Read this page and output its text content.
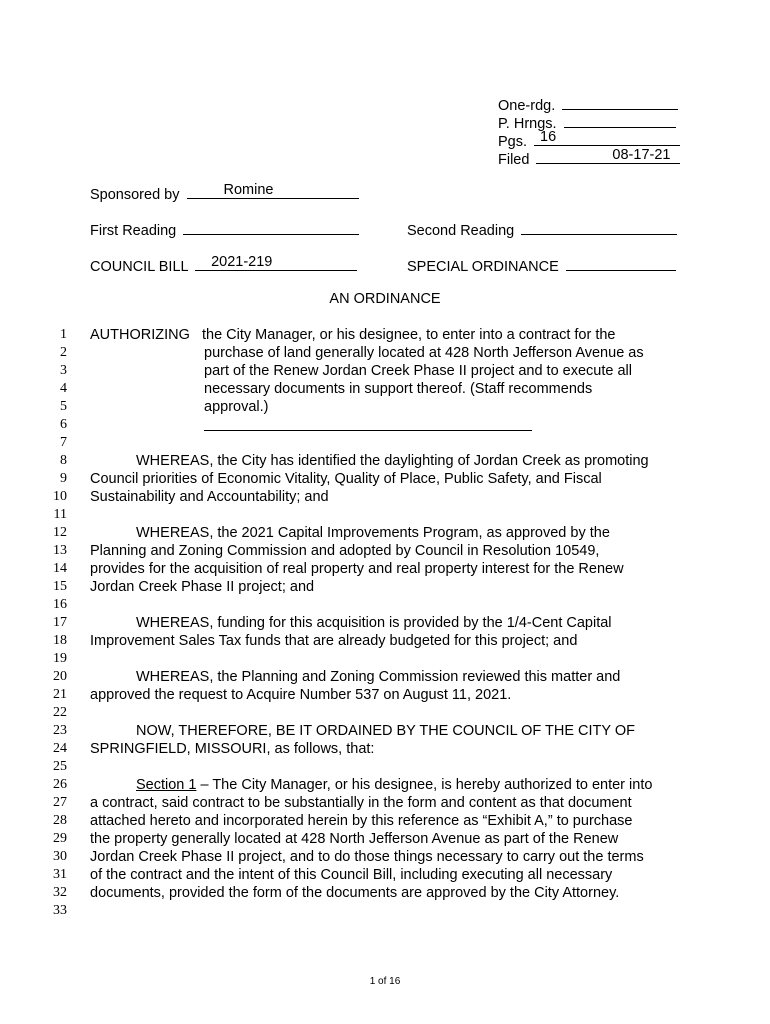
One-rdg.
P. Hrngs.
Pgs. 16
Filed	08-17-21
Sponsored by	Romine
First Reading	Second Reading
COUNCIL BILL	2021-219	SPECIAL ORDINANCE
AN ORDINANCE
1
2
3
4
5
6
7
8
9
10
11
12
13
14
15
16
17
18
19
20
21
22
23
24
25
26
27
28
29
30
31
32
33
AUTHORIZING the City Manager, or his designee, to enter into a contract for the
purchase of land generally located at 428 North Jefferson Avenue as
part of the Renew Jordan Creek Phase II project and to execute all
necessary documents in support thereof. (Staff recommends
approval.)
WHEREAS, the City has identified the daylighting of Jordan Creek as promoting
Council priorities of Economic Vitality, Quality of Place, Public Safety, and Fiscal
Sustainability and Accountability; and
WHEREAS, the 2021 Capital Improvements Program, as approved by the
Planning and Zoning Commission and adopted by Council in Resolution 10549,
provides for the acquisition of real property and real property interest for the Renew
Jordan Creek Phase II project; and
WHEREAS, funding for this acquisition is provided by the 1/4-Cent Capital
Improvement Sales Tax funds that are already budgeted for this project; and
WHEREAS, the Planning and Zoning Commission reviewed this matter and
approved the request to Acquire Number 537 on August 11, 2021.
NOW, THEREFORE, BE IT ORDAINED BY THE COUNCIL OF THE CITY OF
SPRINGFIELD, MISSOURI, as follows, that:
Section 1 – The City Manager, or his designee, is hereby authorized to enter into
a contract, said contract to be substantially in the form and content as that document
attached hereto and incorporated herein by this reference as “Exhibit A,” to purchase
the property generally located at 428 North Jefferson Avenue as part of the Renew
Jordan Creek Phase II project, and to do those things necessary to carry out the terms
of the contract and the intent of this Council Bill, including executing all necessary
documents, provided the form of the documents are approved by the City Attorney.
1 of 16
